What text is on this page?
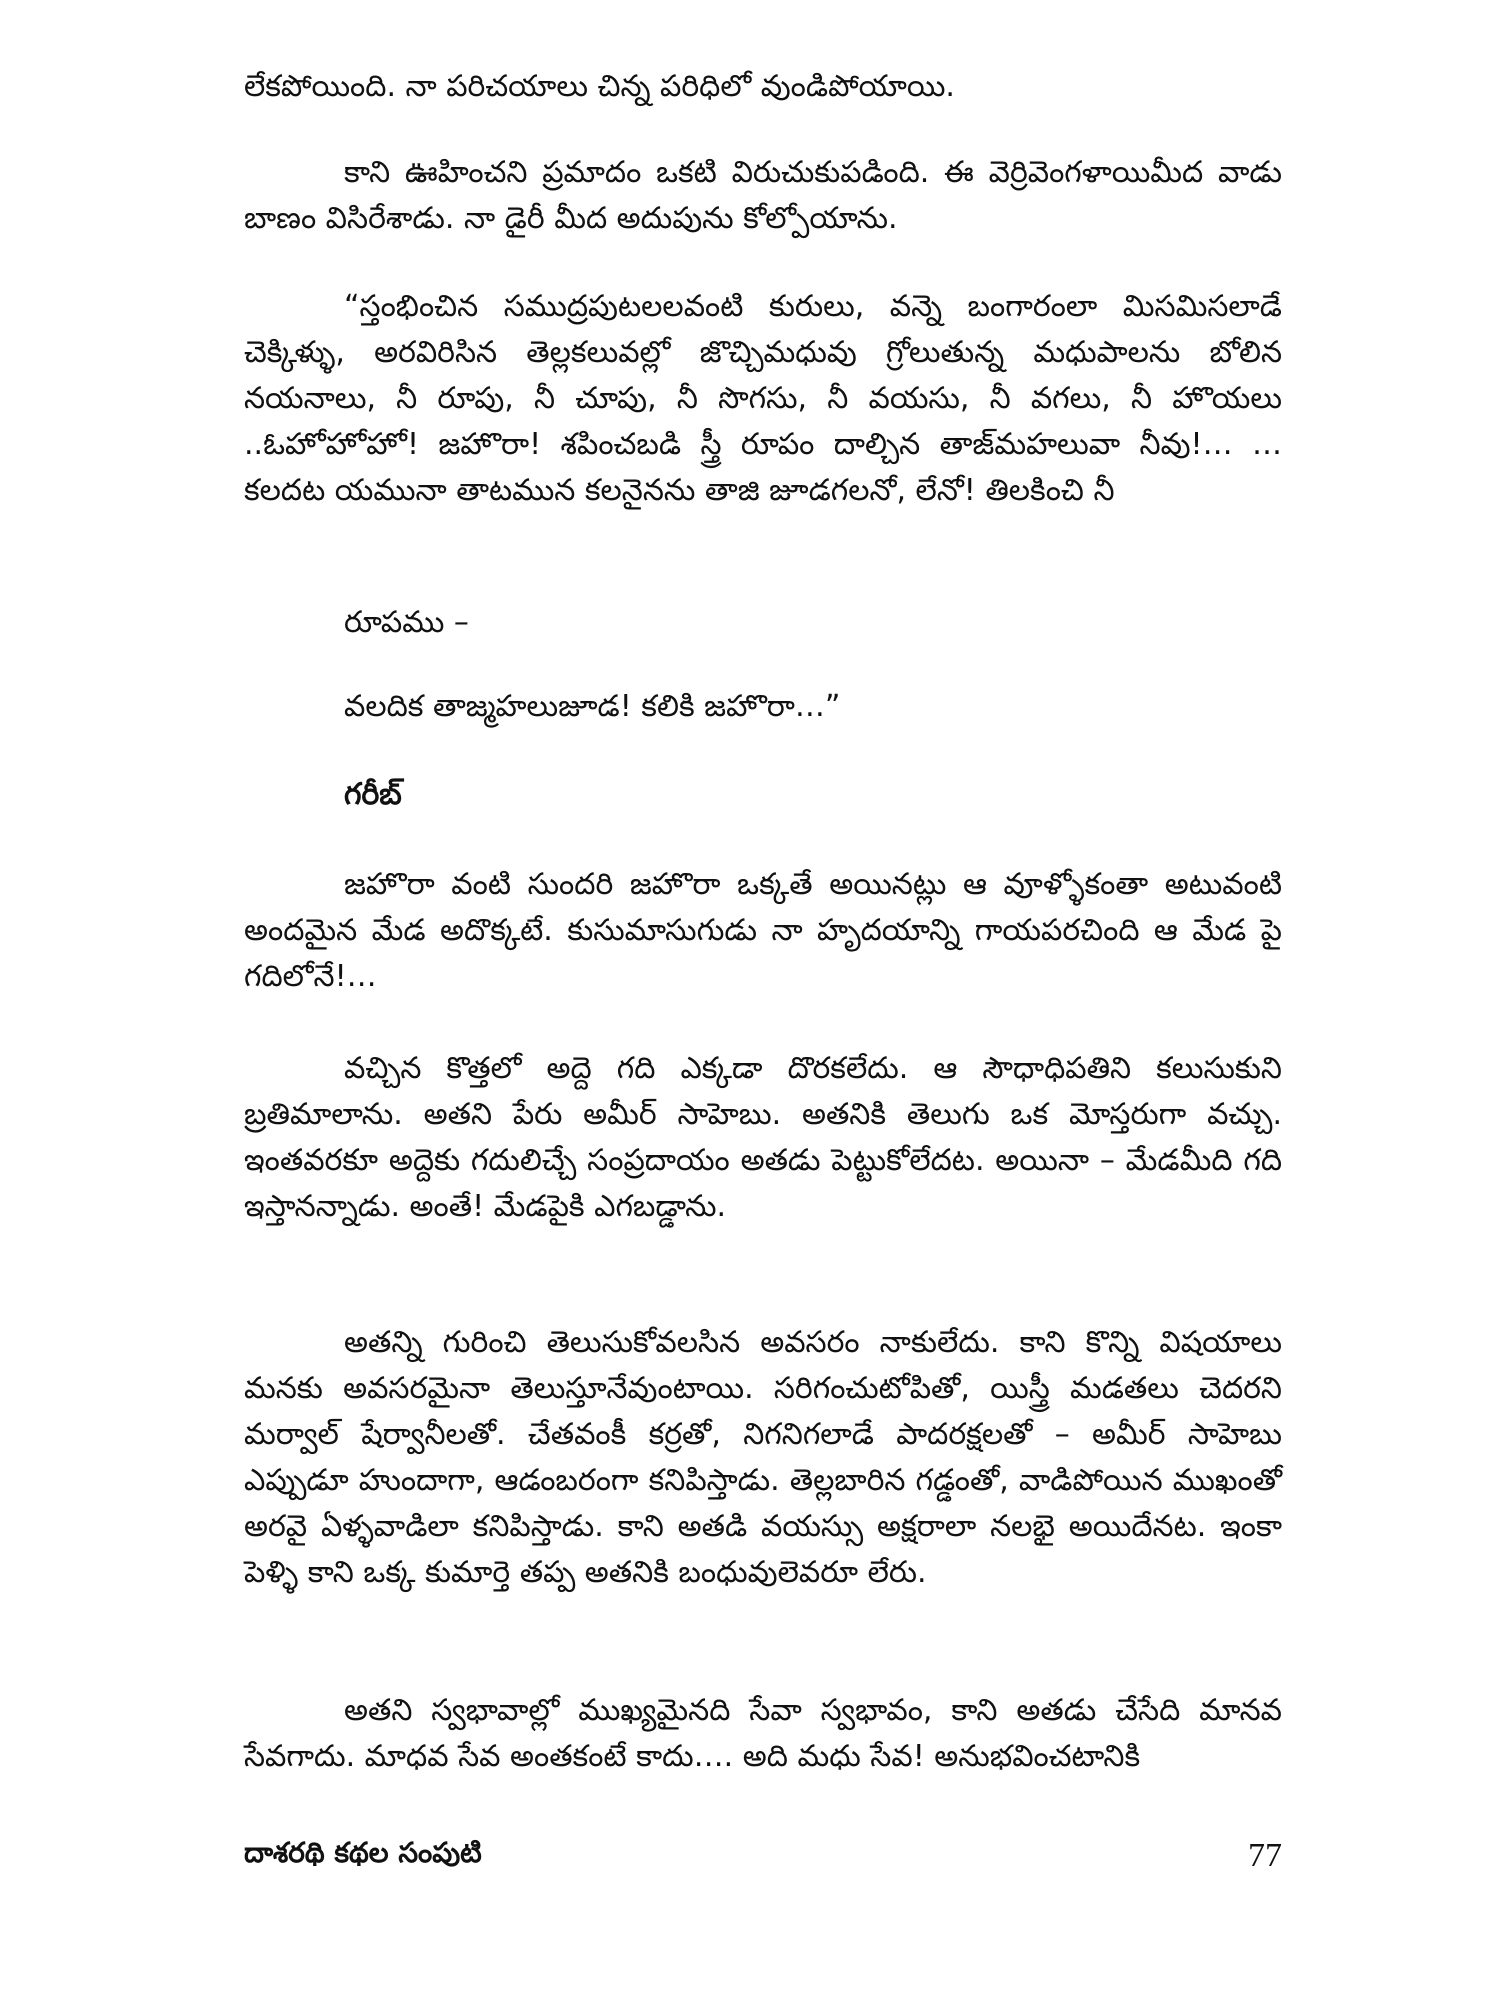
లేకపోయింది. నా పరిచయాలు చిన్న పరిధిలో వుండిపోయాయి.

కాని ఊహించని ప్రమాదం ఒకటి విరుచుకుపడింది. ఈ వెర్రివెంగళాయిమీద వాడు బాణం విసిరేశాడు. నా డైరీ మీద అదుపును కోల్పోయాను.

“స్తంభించిన సముద్రపుటలలవంటి కురులు, వన్నె బంగారంలా మిసమిసలాడే చెక్కిళ్ళు, అరవిరిసిన తెల్లకలువల్లో జొచ్చిమధువు గ్రోలుతున్న మధుపాలను బోలిన నయనాలు, నీ రూపు, నీ చూపు, నీ సొగసు, నీ వయసు, నీ వగలు, నీ హొయలు ..ఓహోహోహో! జహొరా! శపించబడి స్త్రీ రూపం దాల్చిన తాజ్‌మహలువా నీవు!… …కలదట యమునా తాటమున కలనైనను తాజి జూడగలనో, లేనో! తిలకించి నీ

రూపము –

వలదిక తాజ్మహలుజూడ! కలికి జహొరా…”

గరీబ్

జహొరా వంటి సుందరి జహొరా ఒక్కతే అయినట్లు ఆ వూళ్ళోకంతా అటువంటి అందమైన మేడ అదొక్కటే. కుసుమాసుగుడు నా హృదయాన్ని గాయపరచింది ఆ మేడ పై గదిలోనే!…

వచ్చిన కొత్తలో అద్దె గది ఎక్కడా దొరకలేదు. ఆ సౌధాధిపతిని కలుసుకుని బ్రతిమాలాను. అతని పేరు అమీర్ సాహెబు. అతనికి తెలుగు ఒక మోస్తరుగా వచ్చు. ఇంతవరకూ అద్దెకు గదులిచ్చే సంప్రదాయం అతడు పెట్టుకోలేదట. అయినా – మేడమీది గది ఇస్తానన్నాడు. అంతే! మేడపైకి ఎగబడ్డాను.

అతన్ని గురించి తెలుసుకోవలసిన అవసరం నాకులేదు. కాని కొన్ని విషయాలు మనకు అవసరమైనా తెలుస్తూనేవుంటాయి. సరిగంచుటోపితో, యిస్త్రీ మడతలు చెదరని మర్వాల్ షేర్వానీలతో. చేతవంకీ కర్రతో, నిగనిగలాడే పాదరక్షలతో – అమీర్ సాహెబు ఎప్పుడూ హుందాగా, ఆడంబరంగా కనిపిస్తాడు. తెల్లబారిన గడ్డంతో, వాడిపోయిన ముఖంతో అరవై ఏళ్ళవాడిలా కనిపిస్తాడు. కాని అతడి వయస్సు అక్షరాలా నలభై అయిదేనట. ఇంకా పెళ్ళి కాని ఒక్క కుమార్తె తప్ప అతనికి బంధువులెవరూ లేరు.

అతని స్వభావాల్లో ముఖ్యమైనది సేవా స్వభావం, కాని అతడు చేసేది మానవ సేవగాదు. మాధవ సేవ అంతకంటే కాదు…. అది మధు సేవ! అనుభవించటానికి

దాశరథి కథల సంపుటి	77
